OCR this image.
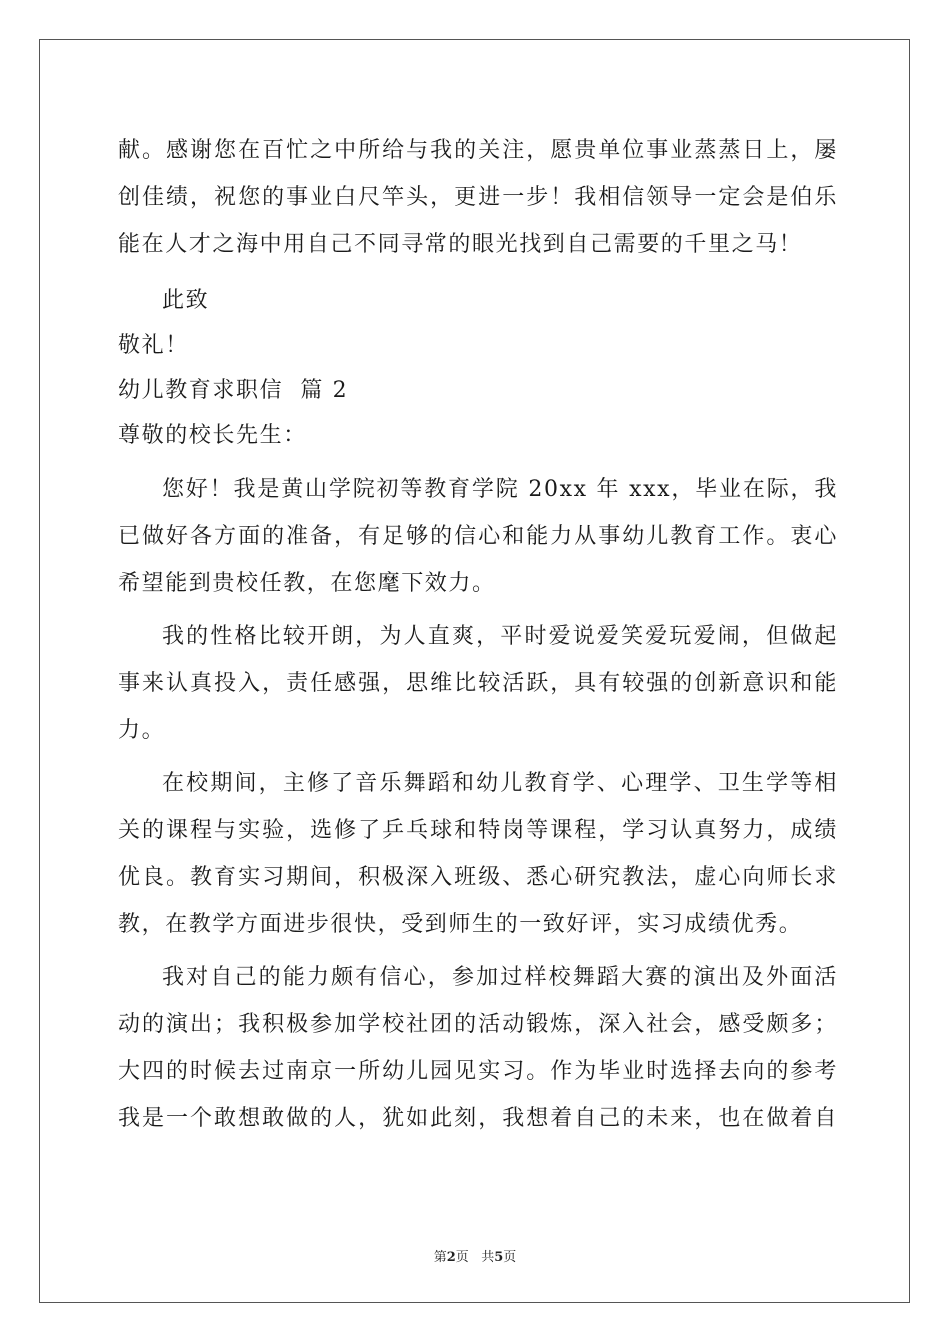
献。感谢您在百忙之中所给与我的关注，愿贵单位事业蒸蒸日上，屡
创佳绩，祝您的事业白尺竿头，更进一步！我相信领导一定会是伯乐
能在人才之海中用自己不同寻常的眼光找到自己需要的千里之马！
此致
敬礼！
幼儿教育求职信  篇 2
尊敬的校长先生：
您好！我是黄山学院初等教育学院 20xx 年 xxx，毕业在际，我
已做好各方面的准备，有足够的信心和能力从事幼儿教育工作。衷心
希望能到贵校任教，在您麾下效力。
我的性格比较开朗，为人直爽，平时爱说爱笑爱玩爱闹，但做起
事来认真投入，责任感强，思维比较活跃，具有较强的创新意识和能
力。
在校期间，主修了音乐舞蹈和幼儿教育学、心理学、卫生学等相
关的课程与实验，选修了乒乓球和特岗等课程，学习认真努力，成绩
优良。教育实习期间，积极深入班级、悉心研究教法，虚心向师长求
教，在教学方面进步很快，受到师生的一致好评，实习成绩优秀。
我对自己的能力颇有信心，参加过样校舞蹈大赛的演出及外面活
动的演出；我积极参加学校社团的活动锻炼，深入社会，感受颇多；
大四的时候去过南京一所幼儿园见实习。作为毕业时选择去向的参考
我是一个敢想敢做的人，犹如此刻，我想着自己的未来，也在做着自
第2页 共5页
